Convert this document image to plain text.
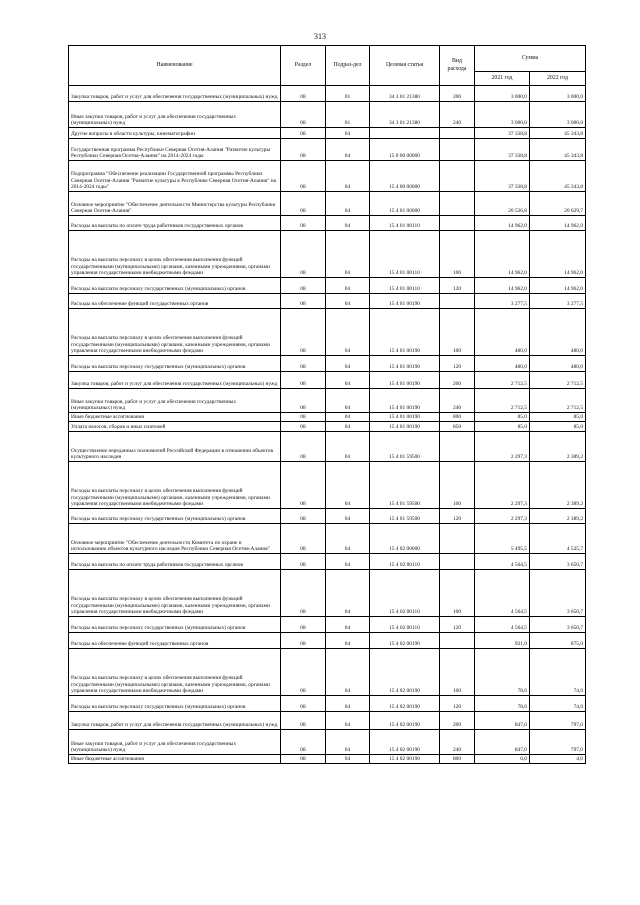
313
Наименование	Раздел	Подраз-дел	Целевая статья	Вид расхода	Сумма	
					2021 год	2022 год
Закупка товаров, работ и услуг для обеспечения государственных (муниципальных) нужд	08	01	34 3 01 21380	200	3 000,0	3 000,0
Иные закупки товаров, работ и услуг для обеспечения государственных (муниципальных) нужд	08	01	34 3 01 21380	240	3 000,0	3 000,0
Другие вопросы в области культуры, кинематографии	08	04			37 338,8	45 343,8
Государственная программа Республики Северная Осетия-Алания "Развитие культуры Республики Северная Осетия-Алания" на 2014-2024 годы	08	04	15 0 00 00000		37 338,8	45 343,8
Подпрограмма "Обеспечение реализации Государственной программы Республики Северная Осетия-Алания "Развитие культуры в Республике Северная Осетия-Алания" на 2014-2024 годы"	08	04	15 4 00 00000		37 338,8	45 343,8
Основное мероприятие "Обеспечение деятельности Министерства культуры Республики Северная Осетия-Алания"	08	04	15 4 01 00000		20 536,8	20 629,7
Расходы на выплаты по оплате труда работников государственных органов	08	04	15 4 01 00110		14 962,0	14 962,0
Расходы на выплаты персоналу в целях обеспечения выполнения функций государственными (муниципальными) органами, казенными учреждениями, органами управления государственными внебюджетными фондами	08	04	15 4 01 00110	100	14 962,0	14 962,0
Расходы на выплаты персоналу государственных (муниципальных) органов	08	04	15 4 01 00110	120	14 962,0	14 962,0
Расходы на обеспечение функций государственных органов	08	04	15 4 01 00190		3 277,5	3 277,5
Расходы на выплаты персоналу в целях обеспечения выполнения функций государственными (муниципальными) органами, казенными учреждениями, органами управления государственными внебюджетными фондами	08	04	15 4 01 00190	100	480,0	480,0
Расходы на выплаты персоналу государственных (муниципальных) органов	08	04	15 4 01 00190	120	480,0	480,0
Закупка товаров, работ и услуг для обеспечения государственных (муниципальных) нужд	08	04	15 4 01 00190	200	2 712,5	2 712,5
Иные закупки товаров, работ и услуг для обеспечения государственных (муниципальных) нужд	08	04	15 4 01 00190	240	2 712,5	2 712,5
Иные бюджетные ассигнования	08	04	15 4 01 00190	800	85,0	85,0
Уплата налогов, сборов и иных платежей	08	04	15 4 01 00190	850	85,0	85,0
Осуществление переданных полномочий Российской Федерации в отношении объектов культурного наследия	08	04	15 4 01 59500		2 297,3	2 389,2
Расходы на выплаты персоналу в целях обеспечения выполнения функций государственными (муниципальными) органами, казенными учреждениями, органами управления государственными внебюджетными фондами	08	04	15 4 01 59500	100	2 297,3	2 389,2
Расходы на выплаты персоналу государственных (муниципальных) органов	08	04	15 4 01 59500	120	2 297,3	2 389,2
Основное мероприятие "Обеспечение деятельности Комитета по охране и использованию объектов культурного наследия Республики Северная Осетия-Алания"	08	04	15 4 02 00000		5 495,5	4 525,7
Расходы на выплаты по оплате труда работников государственных органов	08	04	15 4 02 00110		4 564,5	3 650,7
Расходы на выплаты персоналу в целях обеспечения выполнения функций государственными (муниципальными) органами, казенными учреждениями, органами управления государственными внебюджетными фондами	08	04	15 4 02 00110	100	4 564,5	3 650,7
Расходы на выплаты персоналу государственных (муниципальных) органов	08	04	15 4 02 00110	120	4 564,5	3 650,7
Расходы на обеспечение функций государственных органов	08	04	15 4 02 00190		931,0	875,0
Расходы на выплаты персоналу в целях обеспечения выполнения функций государственными (муниципальными) органами, казенными учреждениями, органами управления государственными внебюджетными фондами	08	04	15 4 02 00190	100	78,0	74,0
Расходы на выплаты персоналу государственных (муниципальных) органов	08	04	15 4 02 00190	120	78,0	74,0
Закупка товаров, работ и услуг для обеспечения государственных (муниципальных) нужд	08	04	15 4 02 00190	200	847,0	797,0
Иные закупки товаров, работ и услуг для обеспечения государственных (муниципальных) нужд	08	04	15 4 02 00190	240	847,0	797,0
Иные бюджетные ассигнования	08	04	15 4 02 00190	800	6,0	4,0
